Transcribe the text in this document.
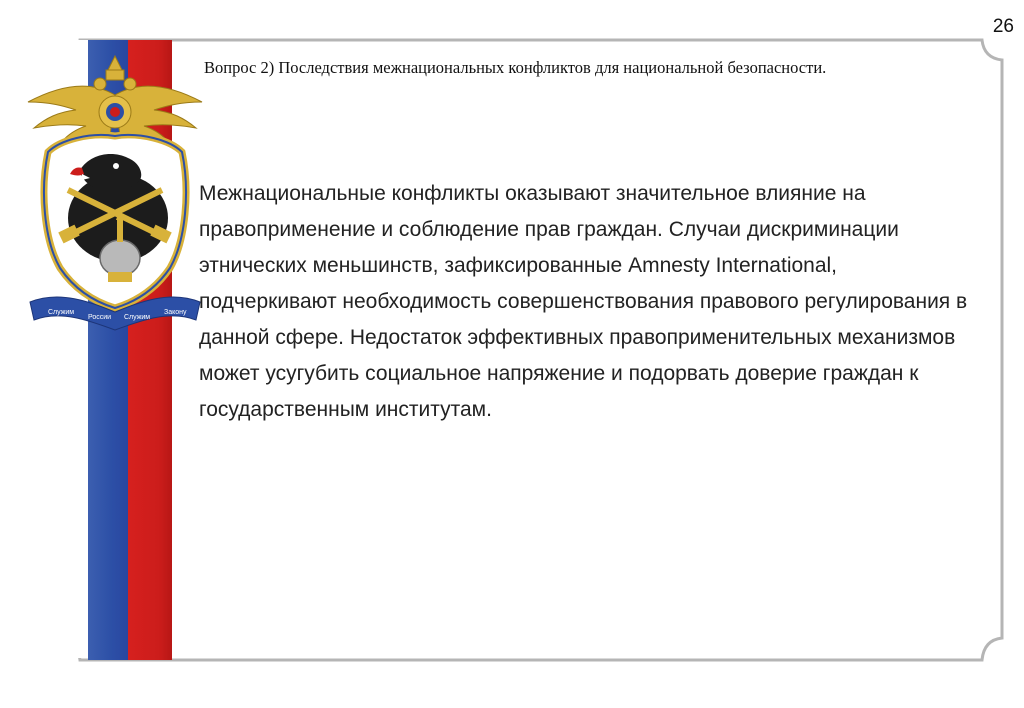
Служим
России Служим
Закону
26
Вопрос 2) Последствия межнациональных конфликтов для национальной безопасности.
Межнациональные конфликты оказывают значительное влияние на правоприменение и соблюдение прав граждан. Случаи дискриминации этнических меньшинств, зафиксированные Amnesty International, подчеркивают необходимость совершенствования правового регулирования в данной сфере. Недостаток эффективных правоприменительных механизмов может усугубить социальное напряжение и подорвать доверие граждан к государственным институтам.
